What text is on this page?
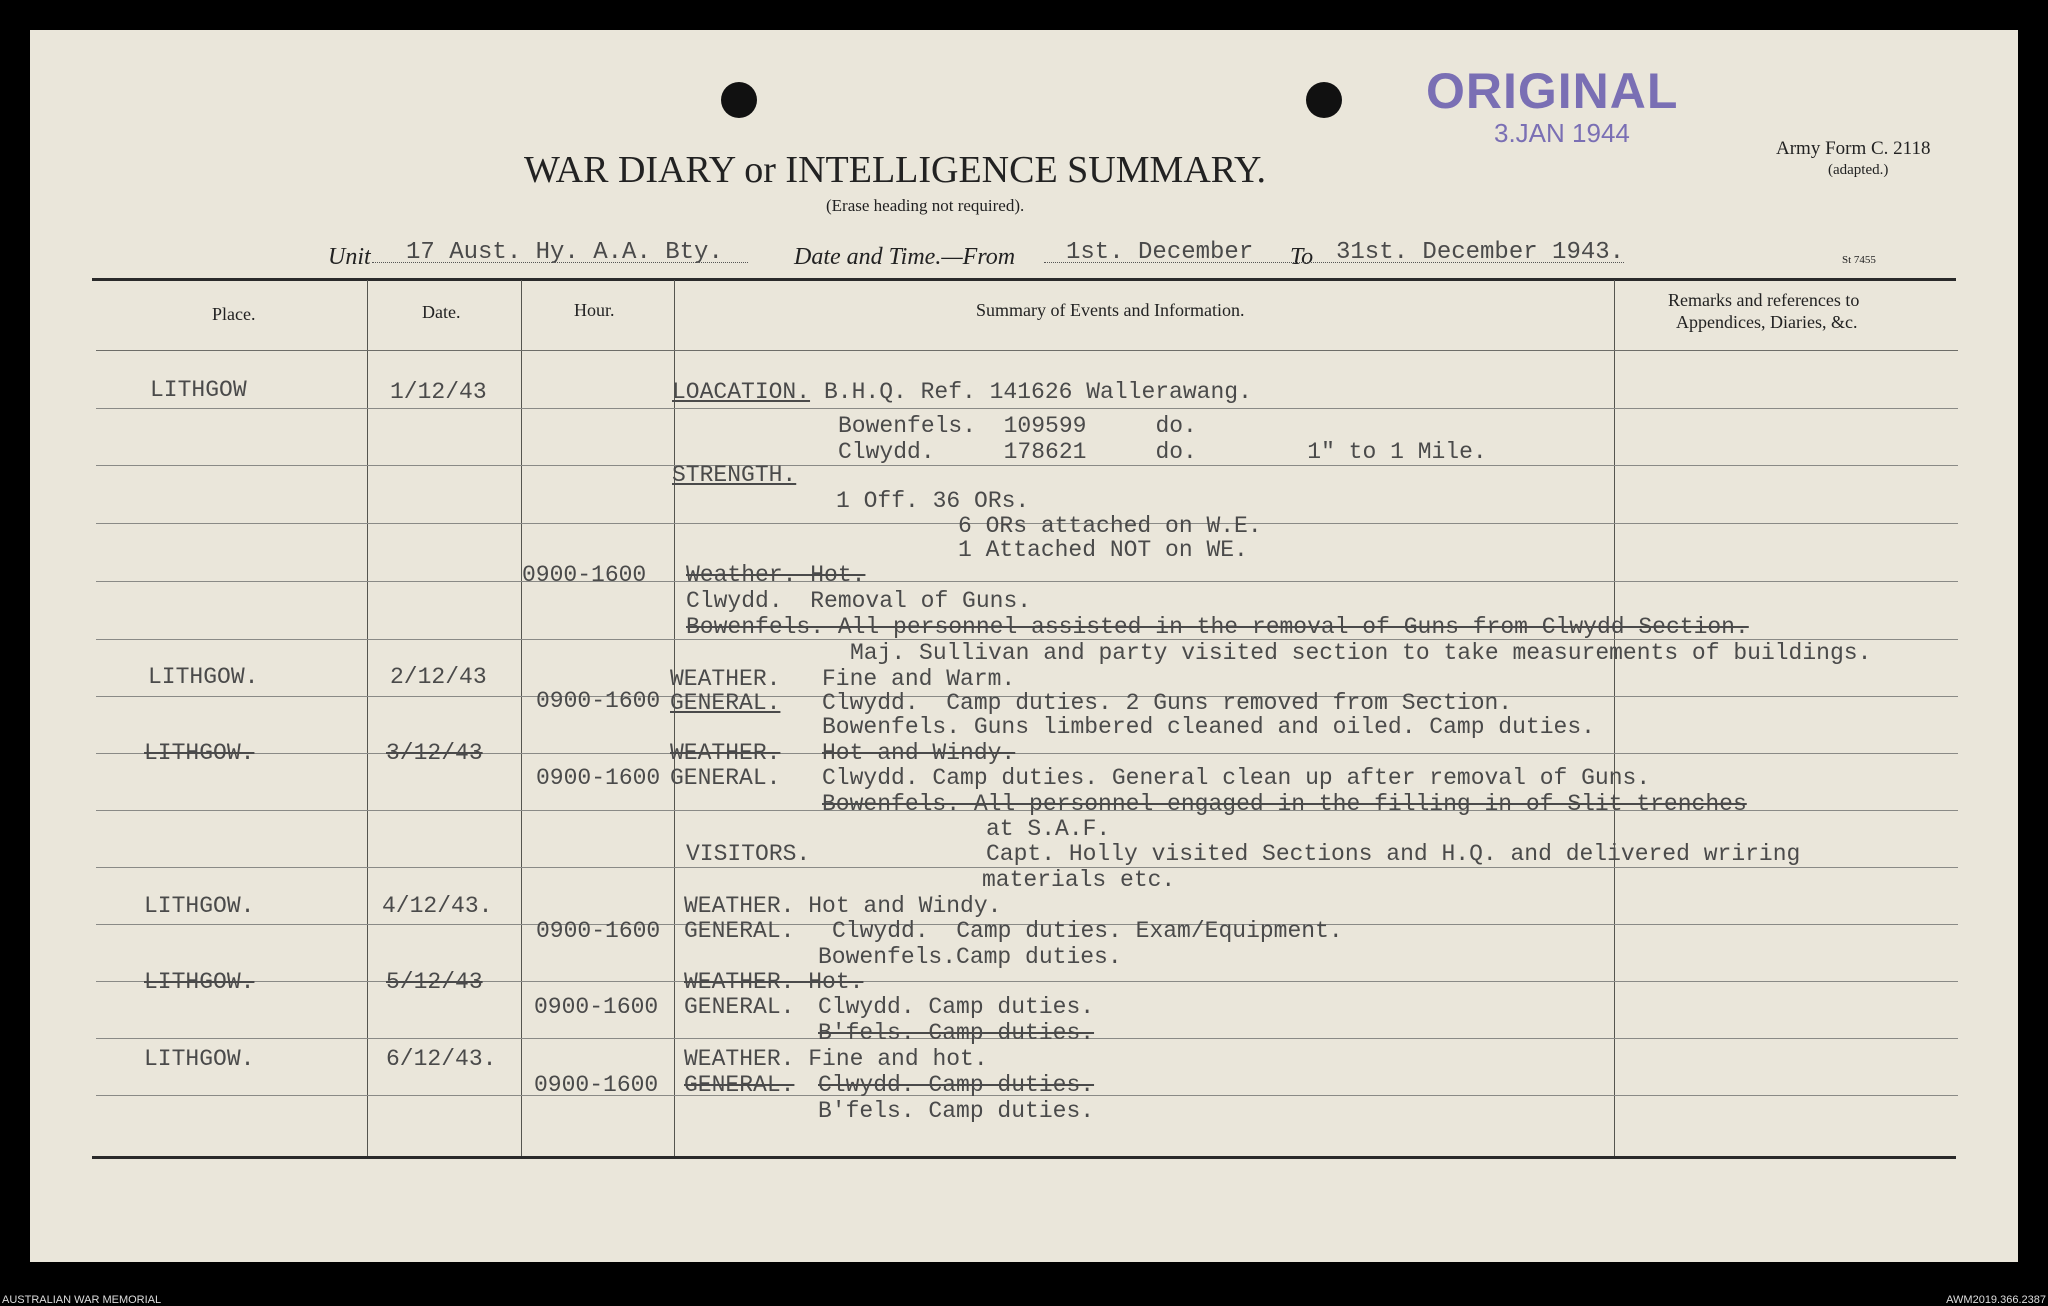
ORIGINAL
3.JAN 1944
WAR DIARY or INTELLIGENCE SUMMARY.
(Erase heading not required).
Army Form C. 2118
(adapted.)
St 7455
Unit 17 Aust. Hy. A.A. Bty.	Date and Time.—From 1st. December To 31st. December 1943.
Place.	Date.	Hour.	Summary of Events and Information.	Remarks and references to
Appendices, Diaries, &c.
LITHGOW	1/12/43	LOACATION. B.H.Q. Ref. 141626 Wallerawang.
Bowenfels.  109599     do.
Clwydd.     178621     do.        1" to 1 Mile.
STRENGTH.
1 Off. 36 ORs.
6 ORs attached on W.E.
1 Attached NOT on WE.
0900-1600 Weather. Hot.
Clwydd.  Removal of Guns.
Bowenfels. All personnel assisted in the removal of Guns from Clwydd Section.
Maj. Sullivan and party visited section to take measurements of buildings.
LITHGOW.	2/12/43	WEATHER. Fine and Warm.
0900-1600 GENERAL. Clwydd.  Camp duties. 2 Guns removed from Section.
Bowenfels. Guns limbered cleaned and oiled. Camp duties.
LITHGOW.	3/12/43	WEATHER. Hot and Windy.
0900-1600 GENERAL. Clwydd. Camp duties. General clean up after removal of Guns.
Bowenfels. All personnel engaged in the filling in of Slit trenches
at S.A.F.
VISITORS.	Capt. Holly visited Sections and H.Q. and delivered wriring
materials etc.
LITHGOW.	4/12/43.	WEATHER. Hot and Windy.
0900-1600 GENERAL. Clwydd.  Camp duties. Exam/Equipment.
Bowenfels.Camp duties.
LITHGOW.	5/12/43	WEATHER. Hot.
0900-1600 GENERAL. Clwydd. Camp duties.
B'fels. Camp duties.
LITHGOW.	6/12/43.	WEATHER. Fine and hot.
0900-1600 GENERAL. Clwydd. Camp duties.
B'fels. Camp duties.
AUSTRALIAN WAR MEMORIAL	AWM2019.366.2387
